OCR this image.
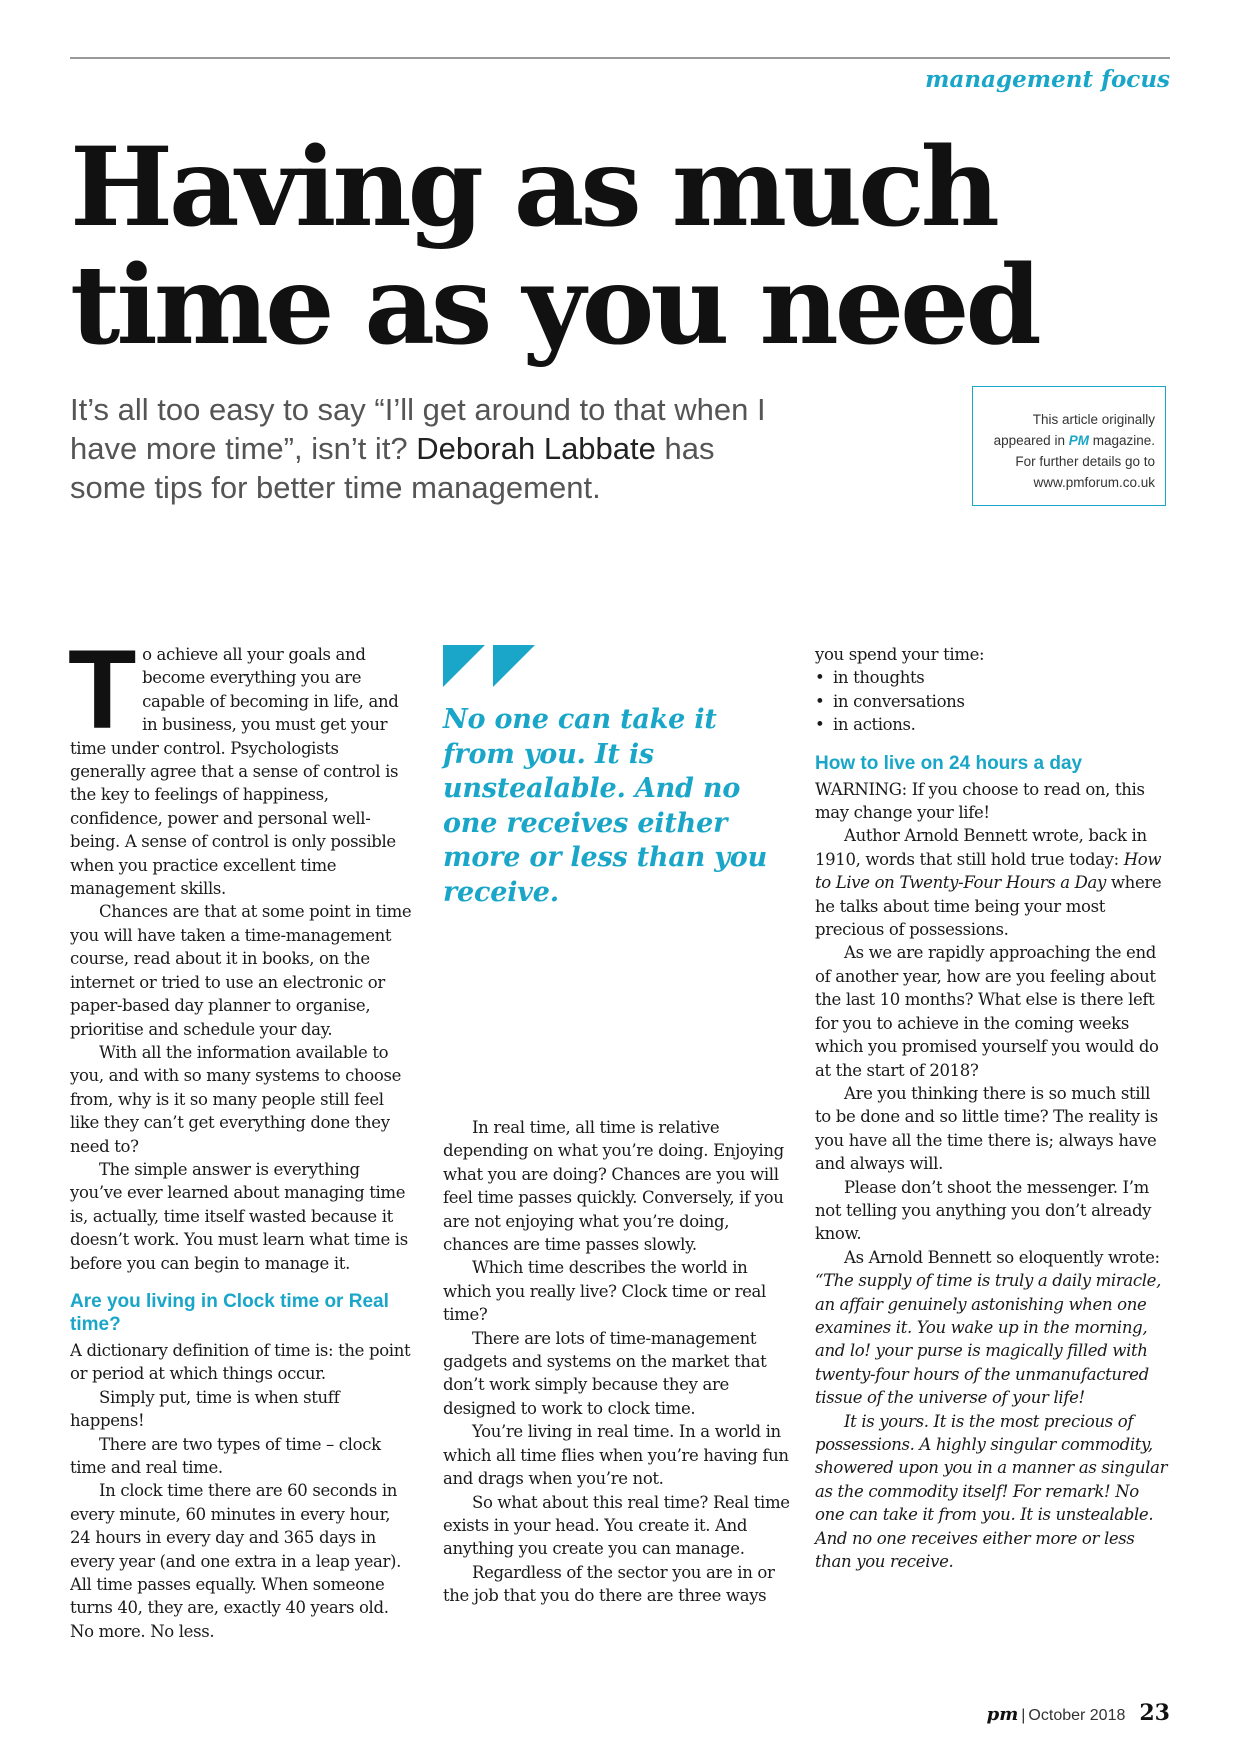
management focus
Having as much time as you need

It’s all too easy to say “I’ll get around to that when I have more time”, isn’t it? Deborah Labbate has some tips for better time management.

This article originally
appeared in PM magazine.
For further details go to
www.pmforum.co.uk

To achieve all your goals and become everything you are capable of becoming in life, and in business, you must get your time under control. Psychologists generally agree that a sense of control is the key to feelings of happiness, confidence, power and personal well-being. A sense of control is only possible when you practice excellent time management skills.

Chances are that at some point in time you will have taken a time-management course, read about it in books, on the internet or tried to use an electronic or paper-based day planner to organise, prioritise and schedule your day.

With all the information available to you, and with so many systems to choose from, why is it so many people still feel like they can’t get everything done they need to?

The simple answer is everything you’ve ever learned about managing time is, actually, time itself wasted because it doesn’t work. You must learn what time is before you can begin to manage it.

Are you living in Clock time or Real time?

A dictionary definition of time is: the point or period at which things occur.

Simply put, time is when stuff happens!

There are two types of time – clock time and real time.

In clock time there are 60 seconds in every minute, 60 minutes in every hour, 24 hours in every day and 365 days in every year (and one extra in a leap year). All time passes equally. When someone turns 40, they are, exactly 40 years old. No more. No less.

No one can take it from you. It is unstealable. And no one receives either more or less than you receive.

In real time, all time is relative depending on what you’re doing. Enjoying what you are doing? Chances are you will feel time passes quickly. Conversely, if you are not enjoying what you’re doing, chances are time passes slowly.

Which time describes the world in which you really live? Clock time or real time?

There are lots of time-management gadgets and systems on the market that don’t work simply because they are designed to work to clock time.

You’re living in real time. In a world in which all time flies when you’re having fun and drags when you’re not.

So what about this real time? Real time exists in your head. You create it. And anything you create you can manage.

Regardless of the sector you are in or the job that you do there are three ways

you spend your time:

• in thoughts
• in conversations
• in actions.

How to live on 24 hours a day

WARNING: If you choose to read on, this may change your life!

Author Arnold Bennett wrote, back in 1910, words that still hold true today: How to Live on Twenty-Four Hours a Day where he talks about time being your most precious of possessions.

As we are rapidly approaching the end of another year, how are you feeling about the last 10 months? What else is there left for you to achieve in the coming weeks which you promised yourself you would do at the start of 2018?

Are you thinking there is so much still to be done and so little time? The reality is you have all the time there is; always have and always will.

Please don’t shoot the messenger. I’m not telling you anything you don’t already know.

As Arnold Bennett so eloquently wrote: “The supply of time is truly a daily miracle, an affair genuinely astonishing when one examines it. You wake up in the morning, and lo! your purse is magically filled with twenty-four hours of the unmanufactured tissue of the universe of your life!

It is yours. It is the most precious of possessions. A highly singular commodity, showered upon you in a manner as singular as the commodity itself! For remark! No one can take it from you. It is unstealable. And no one receives either more or less than you receive.

pm | October 2018 23
